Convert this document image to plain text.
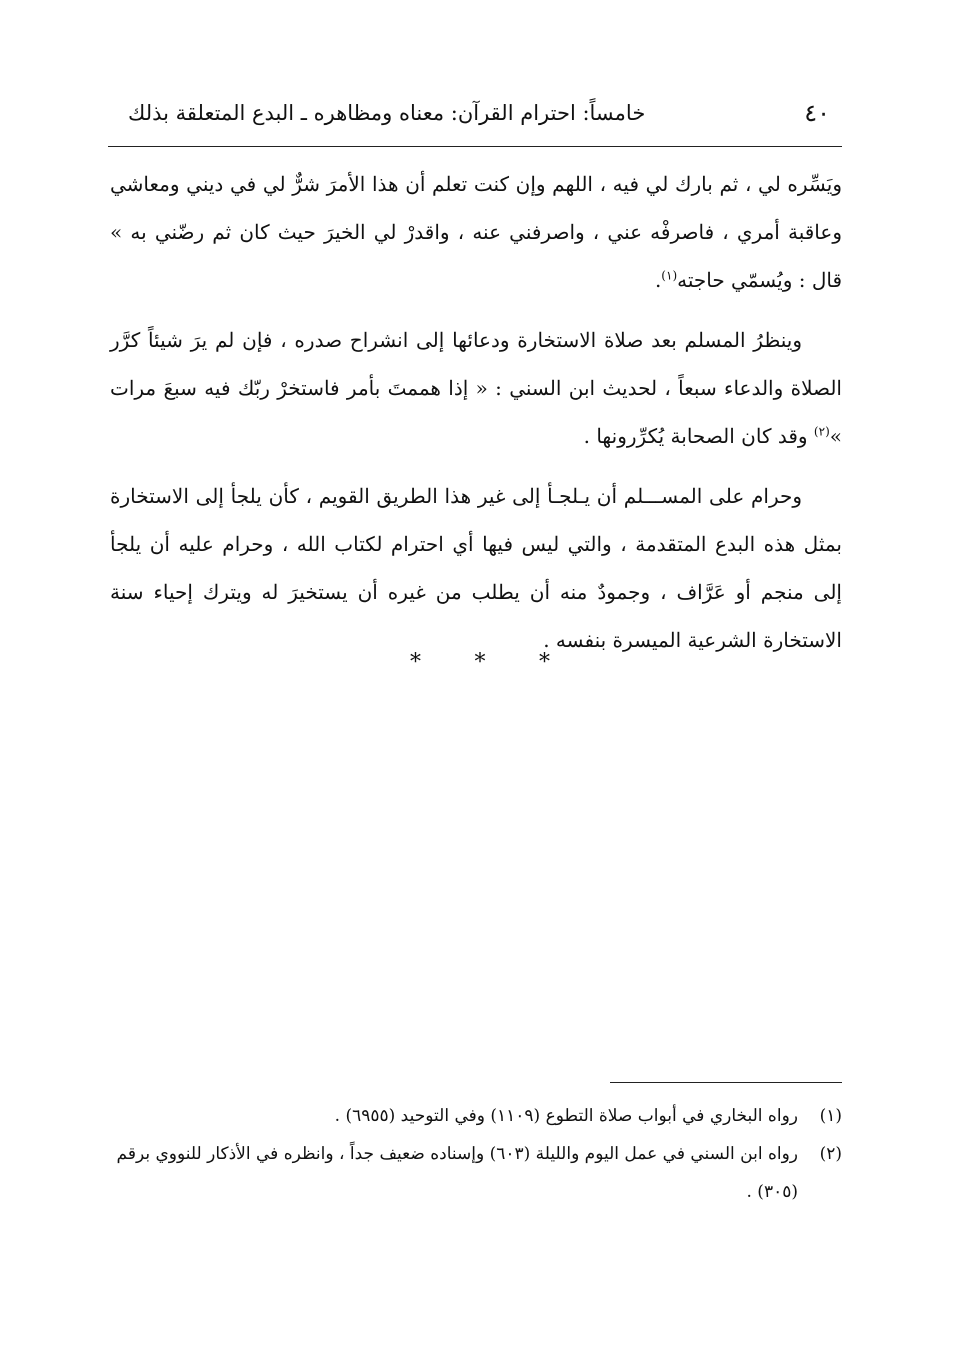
٤٠
خامساً: احترام القرآن: معناه ومظاهره ـ البدع المتعلقة بذلك

ويَسِّره لي ، ثم بارك لي فيه ، اللهم وإن كنت تعلم أن هذا الأمرَ شرٌّ لي في ديني ومعاشي وعاقبة أمري ، فاصرفْه عني ، واصرفني عنه ، واقدرْ لي الخيرَ حيث كان ثم رضّني به » قال : ويُسمّي حاجته$^{(١)}$.

وينظرُ المسلم بعد صلاة الاستخارة ودعائها إلى انشراح صدره ، فإن لم يرَ شيئاً كرَّر الصلاة والدعاء سبعاً ، لحديث ابن السني : « إذا هممتَ بأمر فاستخرْ ربّك فيه سبعَ مرات »$^{(٢)}$ وقد كان الصحابة يُكرِّرونها .

وحرام على المســـلم أن يـلجـأ إلى غير هذا الطريق القويم ، كأن يلجأ إلى الاستخارة بمثل هذه البدع المتقدمة ، والتي ليس فيها أي احترام لكتاب الله ، وحرام عليه أن يلجأ إلى منجم أو عَرَّاف ، وجمودٌ منه أن يطلب من غيره أن يستخيرَ له ويترك إحياء سنة الاستخارة الشرعية الميسرة بنفسه .

* * *
(١)
رواه البخاري في أبواب صلاة التطوع (١١٠٩) وفي التوحيد (٦٩٥٥) .
(٢)
رواه ابن السني في عمل اليوم والليلة (٦٠٣) وإسناده ضعيف جداً ، وانظره في الأذكار للنووي برقم (٣٠٥) .
